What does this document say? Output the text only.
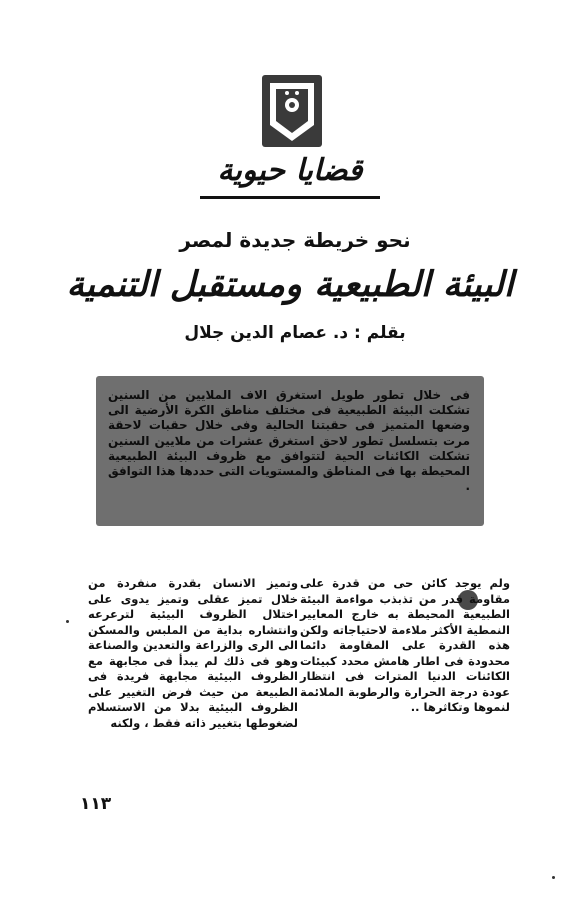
قضايا حيوية
نحو خريطة جديدة لمصر
البيئة الطبيعية ومستقبل التنمية
بقلم : د. عصام الدين جلال
فى خلال تطور طويل استغرق الاف الملايين من السنين تشكلت البيئة الطبيعية فى مختلف مناطق الكرة الأرضية الى وضعها المتميز فى حقبتنا الحالية وفى خلال حقبات لاحقة مرت بتسلسل تطور لاحق استغرق عشرات من ملايين السنين تشكلت الكائنات الحية لتتوافق مع ظروف البيئة الطبيعية المحيطة بها فى المناطق والمستويات التى حددها هذا التوافق .
ولم يوجد كائن حى من قدرة على مقاومة قدر من تذبذب مواءمة البيئة الطبيعية المحيطة به خارج المعايير النمطية الأكثر ملاءمة لاحتياجاته ولكن هذه القدرة على المقاومة دائما محدودة فى اطار هامش محدد كبيئات الكائنات الدنيا المترات فى انتظار عودة درجة الحرارة والرطوبة الملائمة لنموها وتكاثرها ..
وتميز الانسان بقدرة منفردة من خلال تميز عقلى وتميز يدوى على اختلال الظروف البيئية لترعرعه وانتشاره بداية من الملبس والمسكن الى الرى والزراعة والتعدين والصناعة وهو فى ذلك لم يبدأ فى مجابهة مع الظروف البيئية مجابهة فريدة فى الطبيعة من حيث فرض التغيير على الظروف البيئية بدلا من الاستسلام لضغوطها بتغيير ذاته فقط ، ولكنه
١١٣
